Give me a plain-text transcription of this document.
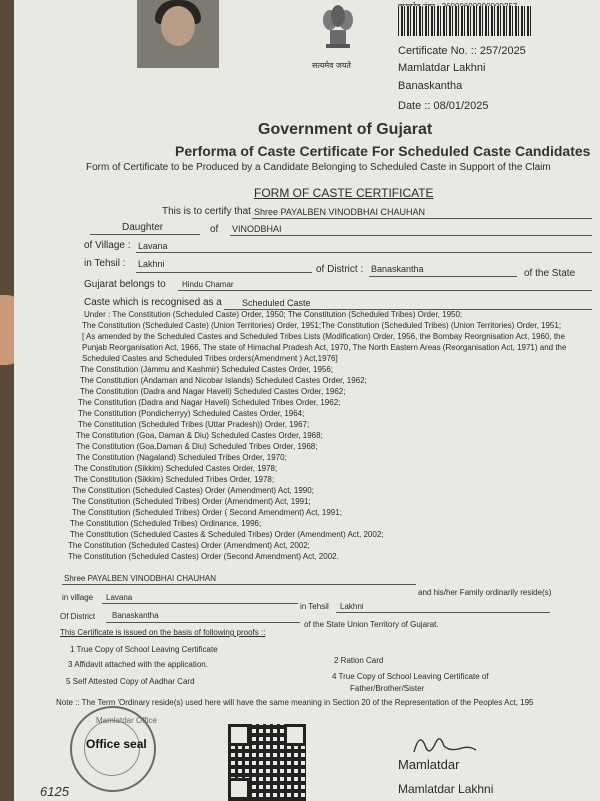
सत्यमेव जयते
Certificate No. :: 257/2025
Mamlatdar Lakhni
Banaskantha
Date :: 08/01/2025
Government of Gujarat
Performa of Caste Certificate For Scheduled Caste Candidates
Form of Certificate to be Produced by a Candidate Belonging to Scheduled Caste in Support of the Claim
FORM OF CASTE CERTIFICATE
This is to certify that Shree PAYALBEN VINODBHAI CHAUHAN
Daughter	of VINODBHAI
of Village : Lavana
in Tehsil : Lakhni	of District : Banaskantha	of the State
Gujarat belongs to Hindu Chamar
Caste which is recognised as a Scheduled Caste
Under : The Constitution (Scheduled Caste) Order, 1950; The Constitution (Scheduled Tribes) Order, 1950;
The Constitution (Scheduled Caste) (Union Territories) Order, 1951;The Constitution (Scheduled Tribes) (Union Territories) Order, 1951;
[ As amended by the Scheduled Castes and Scheduled Tribes Lists (Modification) Order, 1956, the Bombay Reorgnisation Act, 1960, the
Punjab Reorganisation Act, 1966, The state of Himachal Pradesh Act, 1970, The North Eastern Areas (Reorganisation Act, 1971) and the
Scheduled Castes and Scheduled Tribes orders(Amendment ) Act,1976]
The Constitution (Jammu and Kashmir) Scheduled Castes Order, 1956;
The Constitution (Andaman and Nicobar Islands) Scheduled Castes Order, 1962;
The Constitution (Dadra and Nagar Haveli) Scheduled Castes Order, 1962;
The Constitution (Dadra and Nagar Haveli) Scheduled Tribes Order, 1962;
The Constitution (Pondicherryy) Scheduled Castes Order, 1964;
The Constitution (Scheduled Tribes (Uttar Pradesh)) Order, 1967;
The Constitution (Goa, Daman & Diu) Scheduled Castes Order, 1968;
The Constitution (Goa,Daman & Diu) Scheduled Tribes Order, 1968;
The Constitution (Nagaland) Scheduled Tribes Order, 1970;
The Constitution (Sikkim) Scheduled Castes Order, 1978;
The Constitution (Sikkim) Scheduled Tribes Order, 1978;
The Constitution (Scheduled Castes) Order (Amendment) Act, 1990;
The Constitution (Scheduled Tribes) Order (Amendment) Act, 1991;
The Constitution (Scheduled Tribes) Order ( Second Amendment) Act, 1991;
The Constitution (Scheduled Tribes) Ordinance, 1996;
The Constitution (Scheduled Castes & Scheduled Tribes) Order (Amendment) Act, 2002;
The Constitution (Scheduled Castes) Order (Amendment) Act, 2002;
The Constitution (Scheduled Castes) Order (Second Amendment) Act, 2002.
Shree PAYALBEN VINODBHAI CHAUHAN
and his/her Family ordinarily reside(s)
in village Lavana
in Tehsil Lakhni
Of District Banaskantha
of the State Union Territory of Gujarat.
This Certificate is issued on the basis of following proofs ::
1 True Copy of School Leaving Certificate
2 Ration Card
3 Affidavit attached with the application.
4 True Copy of School Leaving Certificate of
Father/Brother/Sister
5 Self Attested Copy of Aadhar Card
Note :: The Term 'Ordinary reside(s) used here will have the same meaning in Section 20 of the Representation of the Peoples Act, 195
Office seal
Mamlatdar Office
Mamlatdar
Mamlatdar Lakhni
6125
